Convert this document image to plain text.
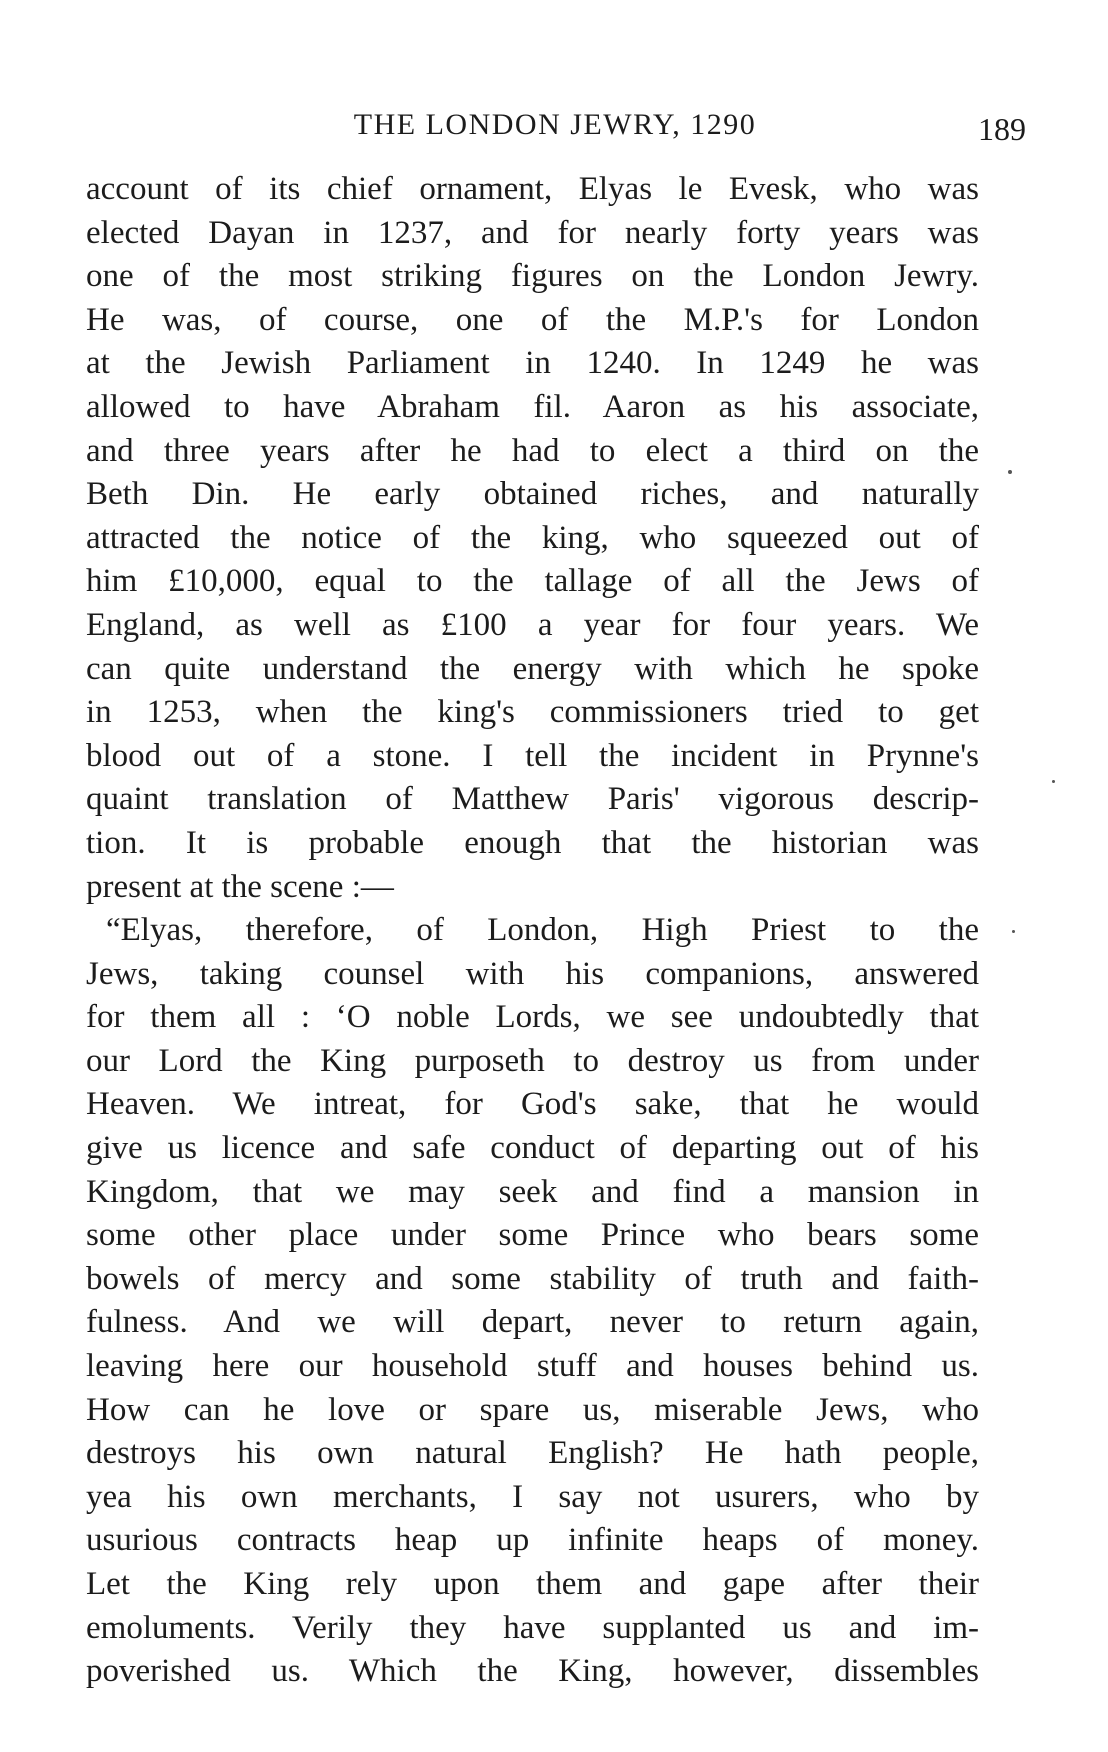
THE LONDON JEWRY, 1290	189
account of its chief ornament, Elyas le Evesk, who was
elected Dayan in 1237, and for nearly forty years was
one of the most striking figures on the London Jewry.
He was, of course, one of the M.P.'s for London
at the Jewish Parliament in 1240. In 1249 he was
allowed to have Abraham fil. Aaron as his associate,
and three years after he had to elect a third on the
Beth Din. He early obtained riches, and naturally
attracted the notice of the king, who squeezed out of
him £10,000, equal to the tallage of all the Jews of
England, as well as £100 a year for four years. We
can quite understand the energy with which he spoke
in 1253, when the king's commissioners tried to get
blood out of a stone. I tell the incident in Prynne's
quaint translation of Matthew Paris' vigorous descrip-
tion. It is probable enough that the historian was
present at the scene :—
“Elyas, therefore, of London, High Priest to the
Jews, taking counsel with his companions, answered
for them all : ‘O noble Lords, we see undoubtedly that
our Lord the King purposeth to destroy us from under
Heaven. We intreat, for God's sake, that he would
give us licence and safe conduct of departing out of his
Kingdom, that we may seek and find a mansion in
some other place under some Prince who bears some
bowels of mercy and some stability of truth and faith-
fulness. And we will depart, never to return again,
leaving here our household stuff and houses behind us.
How can he love or spare us, miserable Jews, who
destroys his own natural English? He hath people,
yea his own merchants, I say not usurers, who by
usurious contracts heap up infinite heaps of money.
Let the King rely upon them and gape after their
emoluments. Verily they have supplanted us and im-
poverished us. Which the King, however, dissembles
